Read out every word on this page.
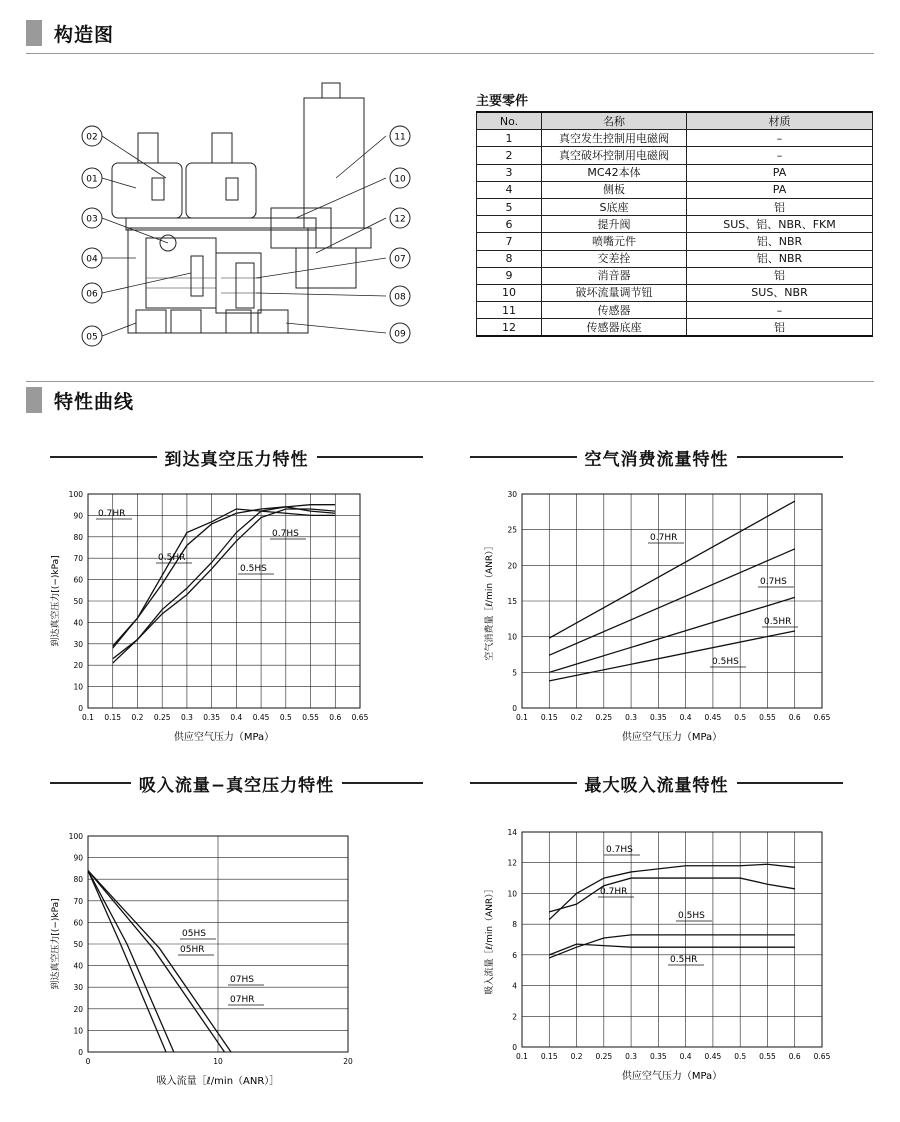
构造图
02
01
03
04
06
05
11
10
12
07
08
09
主要零件
No.	名称	材质
1	真空发生控制用电磁阀	–
2	真空破坏控制用电磁阀	–
3	MC42本体	PA
4	侧板	PA
5	S底座	铝
6	提升阀	SUS、铝、NBR、FKM
7	喷嘴元件	铝、NBR
8	交差拴	铝、NBR
9	消音器	铝
10	破坏流量调节钮	SUS、NBR
11	传感器	–
12	传感器底座	铝
特性曲线
到达真空压力特性	空气消费流量特性
吸入流量−真空压力特性	最大吸入流量特性
0.1 0.15 0.2 0.25 0.3 0.35 0.4 0.45 0.5 0.55 0.6 0.65
0
10
20
30
40
50
60
70
80
90
100
0.7HR
0.5HR
0.7HS
0.5HS
供应空气压力（MPa）
到达真空压力[(−)kPa]
0.1 0.15 0.2 0.25 0.3 0.35 0.4 0.45 0.5 0.55 0.6 0.65
0
5
10
15
20
25
30
0.7HR
0.7HS
0.5HR
0.5HS
供应空气压力（MPa）
空气消费量［ℓ/min（ANR）］
0	10	20
0
10
20
30
40
50
60
70
80
90
100
05HS
05HR
07HS
07HR
吸入流量［ℓ/min（ANR）］
到达真空压力[(−)kPa]
0.1 0.15 0.2 0.25 0.3 0.35 0.4 0.45 0.5 0.55 0.6 0.65
0
2
4
6
8
10
12
14
0.7HS
0.7HR
0.5HS
0.5HR
供应空气压力（MPa）
吸入流量［ℓ/min（ANR）］
